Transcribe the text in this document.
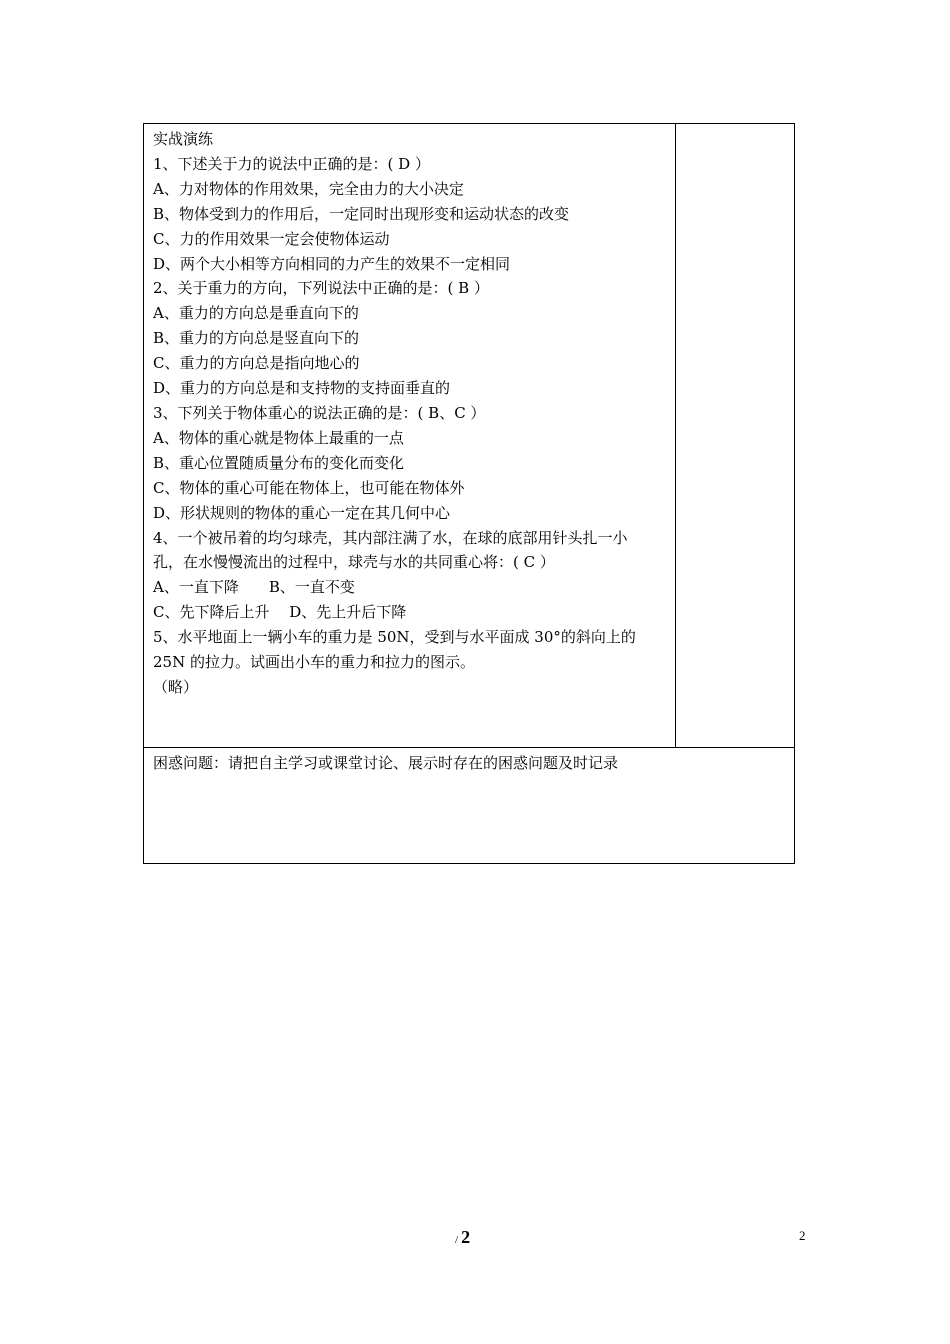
实战演练
1、下述关于力的说法中正确的是：( D ）
A、力对物体的作用效果，完全由力的大小决定
B、物体受到力的作用后，一定同时出现形变和运动状态的改变
C、力的作用效果一定会使物体运动
D、两个大小相等方向相同的力产生的效果不一定相同
2、关于重力的方向，下列说法中正确的是：( B ）
A、重力的方向总是垂直向下的
B、重力的方向总是竖直向下的
C、重力的方向总是指向地心的
D、重力的方向总是和支持物的支持面垂直的
3、下列关于物体重心的说法正确的是：( B、C ）
A、物体的重心就是物体上最重的一点
B、重心位置随质量分布的变化而变化
C、物体的重心可能在物体上，也可能在物体外
D、形状规则的物体的重心一定在其几何中心
4、一个被吊着的均匀球壳，其内部注满了水，在球的底部用针头扎一小
孔，在水慢慢流出的过程中，球壳与水的共同重心将：( C ）
A、一直下降　　B、一直不变
C、先下降后上升　 D、先上升后下降
5、水平地面上一辆小车的重力是 50N，受到与水平面成 30°的斜向上的
25N 的拉力。试画出小车的重力和拉力的图示。
（略）
困惑问题：请把自主学习或课堂讨论、展示时存在的困惑问题及时记录
/ 2	2
